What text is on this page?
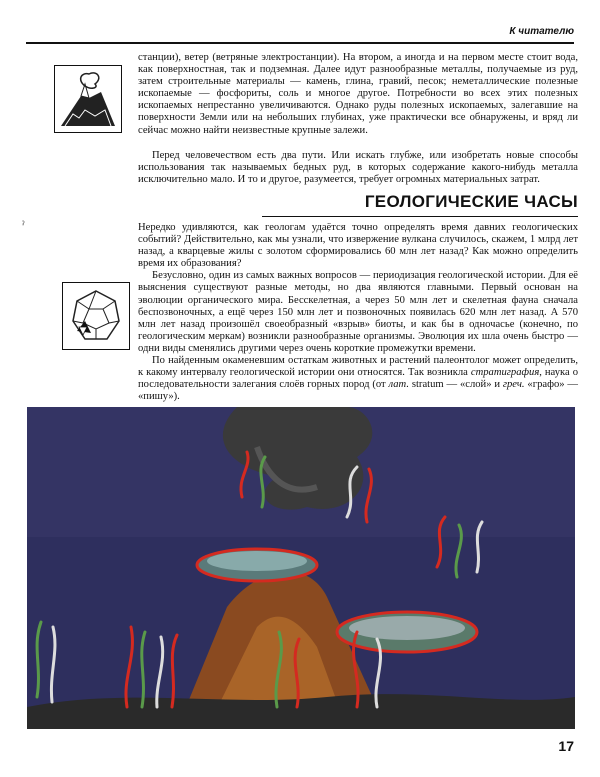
К читателю

станции), ветер (ветряные электростанции). На втором, а иногда и на первом месте стоит вода, как поверхностная, так и подземная. Далее идут разнообразные металлы, получаемые из руд, затем строительные материалы — камень, глина, гравий, песок; неметаллические полезные ископаемые — фосфориты, соль и многое другое. Потребности во всех этих полезных ископаемых непрестанно увеличиваются. Однако руды полезных ископаемых, залегавшие на поверхности Земли или на небольших глубинах, уже практически все обнаружены, и вряд ли сейчас можно найти неизвестные крупные залежи.

Перед человечеством есть два пути. Или искать глубже, или изобретать новые способы использования так называемых бедных руд, в которых содержание какого-нибудь металла исключительно мало. И то и другое, разумеется, требует огромных материальных затрат.

ГЕОЛОГИЧЕСКИЕ ЧАСЫ
ˀ	Нередко удивляются, как геологам удаётся точно определять время давних геологических событий? Действительно, как мы узнали, что извержение вулкана случилось, скажем, 1 млрд лет назад, а кварцевые жилы с золотом сформировались 60 млн лет назад? Как можно определить время их образования?

Безусловно, один из самых важных вопросов — периодизация геологической истории. Для её выяснения существуют разные методы, но два являются главными. Первый основан на эволюции органического мира. Бесскелетная, а через 50 млн лет и скелетная фауна сначала беспозвоночных, а ещё через 150 млн лет и позвоночных появилась 620 млн лет назад. А 570 млн лет назад произошёл своеобразный «взрыв» биоты, и как бы в одночасье (конечно, по геологическим меркам) возникли разнообразные организмы. Эволюция их шла очень быстро — одни виды сменялись другими через очень короткие промежутки времени.

По найденным окаменевшим остаткам животных и растений палеонтолог может определить, к какому интервалу геологической истории они относятся. Так возникла стратиграфия, наука о последовательности залегания слоёв горных пород (от лат. stratum — «слой» и греч. «графо» — «пишу»).

17
